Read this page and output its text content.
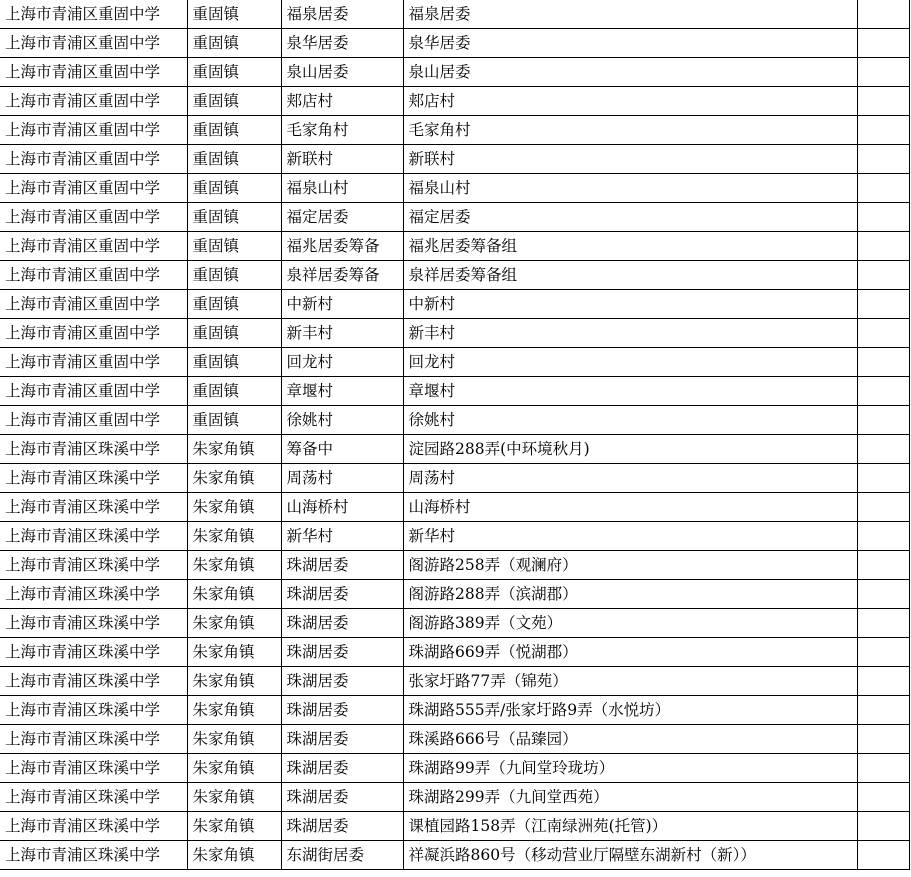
上海市青浦区重固中学	重固镇	福泉居委	福泉居委	
上海市青浦区重固中学	重固镇	泉华居委	泉华居委	
上海市青浦区重固中学	重固镇	泉山居委	泉山居委	
上海市青浦区重固中学	重固镇	郏店村	郏店村	
上海市青浦区重固中学	重固镇	毛家角村	毛家角村	
上海市青浦区重固中学	重固镇	新联村	新联村	
上海市青浦区重固中学	重固镇	福泉山村	福泉山村	
上海市青浦区重固中学	重固镇	福定居委	福定居委	
上海市青浦区重固中学	重固镇	福兆居委筹备	福兆居委筹备组	
上海市青浦区重固中学	重固镇	泉祥居委筹备	泉祥居委筹备组	
上海市青浦区重固中学	重固镇	中新村	中新村	
上海市青浦区重固中学	重固镇	新丰村	新丰村	
上海市青浦区重固中学	重固镇	回龙村	回龙村	
上海市青浦区重固中学	重固镇	章堰村	章堰村	
上海市青浦区重固中学	重固镇	徐姚村	徐姚村	
上海市青浦区珠溪中学	朱家角镇	筹备中	淀园路288弄(中环境秋月)	
上海市青浦区珠溪中学	朱家角镇	周荡村	周荡村	
上海市青浦区珠溪中学	朱家角镇	山海桥村	山海桥村	
上海市青浦区珠溪中学	朱家角镇	新华村	新华村	
上海市青浦区珠溪中学	朱家角镇	珠湖居委	阁游路258弄（观澜府）	
上海市青浦区珠溪中学	朱家角镇	珠湖居委	阁游路288弄（滨湖郡）	
上海市青浦区珠溪中学	朱家角镇	珠湖居委	阁游路389弄（文苑）	
上海市青浦区珠溪中学	朱家角镇	珠湖居委	珠湖路669弄（悦湖郡）	
上海市青浦区珠溪中学	朱家角镇	珠湖居委	张家圩路77弄（锦苑）	
上海市青浦区珠溪中学	朱家角镇	珠湖居委	珠湖路555弄/张家圩路9弄（水悦坊）	
上海市青浦区珠溪中学	朱家角镇	珠湖居委	珠溪路666号（品臻园）	
上海市青浦区珠溪中学	朱家角镇	珠湖居委	珠湖路99弄（九间堂玲珑坊）	
上海市青浦区珠溪中学	朱家角镇	珠湖居委	珠湖路299弄（九间堂西苑）	
上海市青浦区珠溪中学	朱家角镇	珠湖居委	课植园路158弄（江南绿洲苑(托管)）	
上海市青浦区珠溪中学	朱家角镇	东湖街居委	祥凝浜路860号（移动营业厅隔壁东湖新村（新））	
